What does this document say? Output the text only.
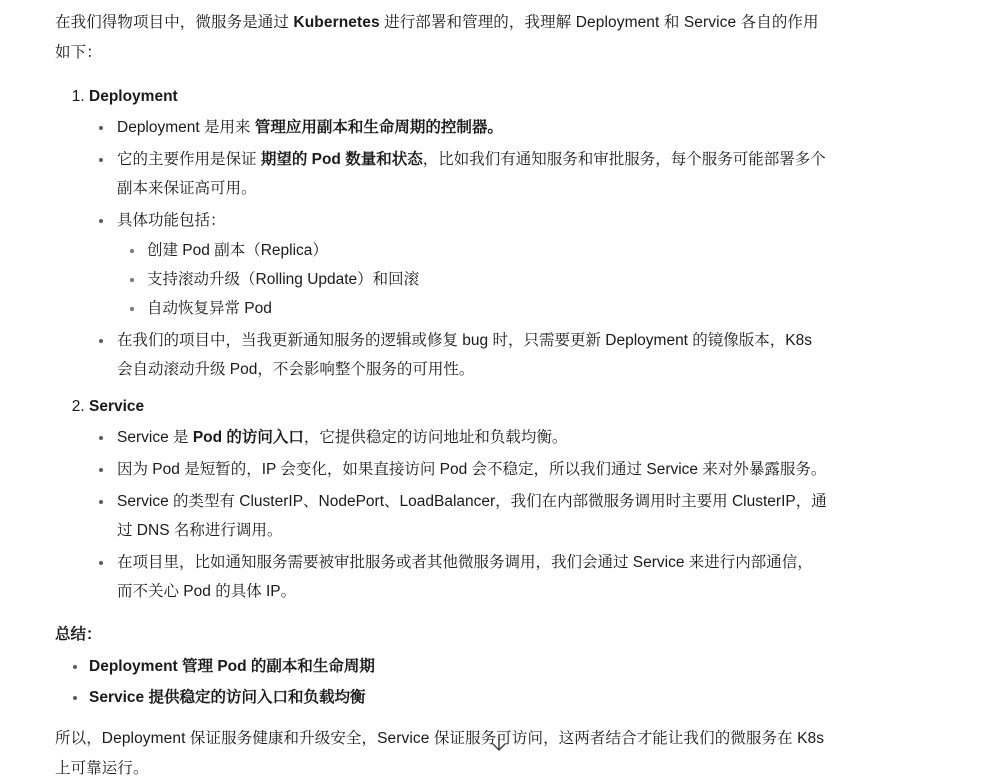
在我们得物项目中，微服务是通过 Kubernetes 进行部署和管理的，我理解 Deployment 和 Service 各自的作用如下：

1. Deployment
Deployment 是用来 管理应用副本和生命周期的控制器。
它的主要作用是保证 期望的 Pod 数量和状态，比如我们有通知服务和审批服务，每个服务可能部署多个副本来保证高可用。
具体功能包括：
创建 Pod 副本（Replica）
支持滚动升级（Rolling Update）和回滚
自动恢复异常 Pod
在我们的项目中，当我更新通知服务的逻辑或修复 bug 时，只需要更新 Deployment 的镜像版本，K8s 会自动滚动升级 Pod，不会影响整个服务的可用性。
2. Service
Service 是 Pod 的访问入口，它提供稳定的访问地址和负载均衡。
因为 Pod 是短暂的，IP 会变化，如果直接访问 Pod 会不稳定，所以我们通过 Service 来对外暴露服务。
Service 的类型有 ClusterIP、NodePort、LoadBalancer，我们在内部微服务调用时主要用 ClusterIP，通过 DNS 名称进行调用。
在项目里，比如通知服务需要被审批服务或者其他微服务调用，我们会通过 Service 来进行内部通信，而不关心 Pod 的具体 IP。
总结：
Deployment 管理 Pod 的副本和生命周期
Service 提供稳定的访问入口和负载均衡

所以，Deployment 保证服务健康和升级安全，Service 保证服务可访问，这两者结合才能让我们的微服务在 K8s 上可靠运行。
